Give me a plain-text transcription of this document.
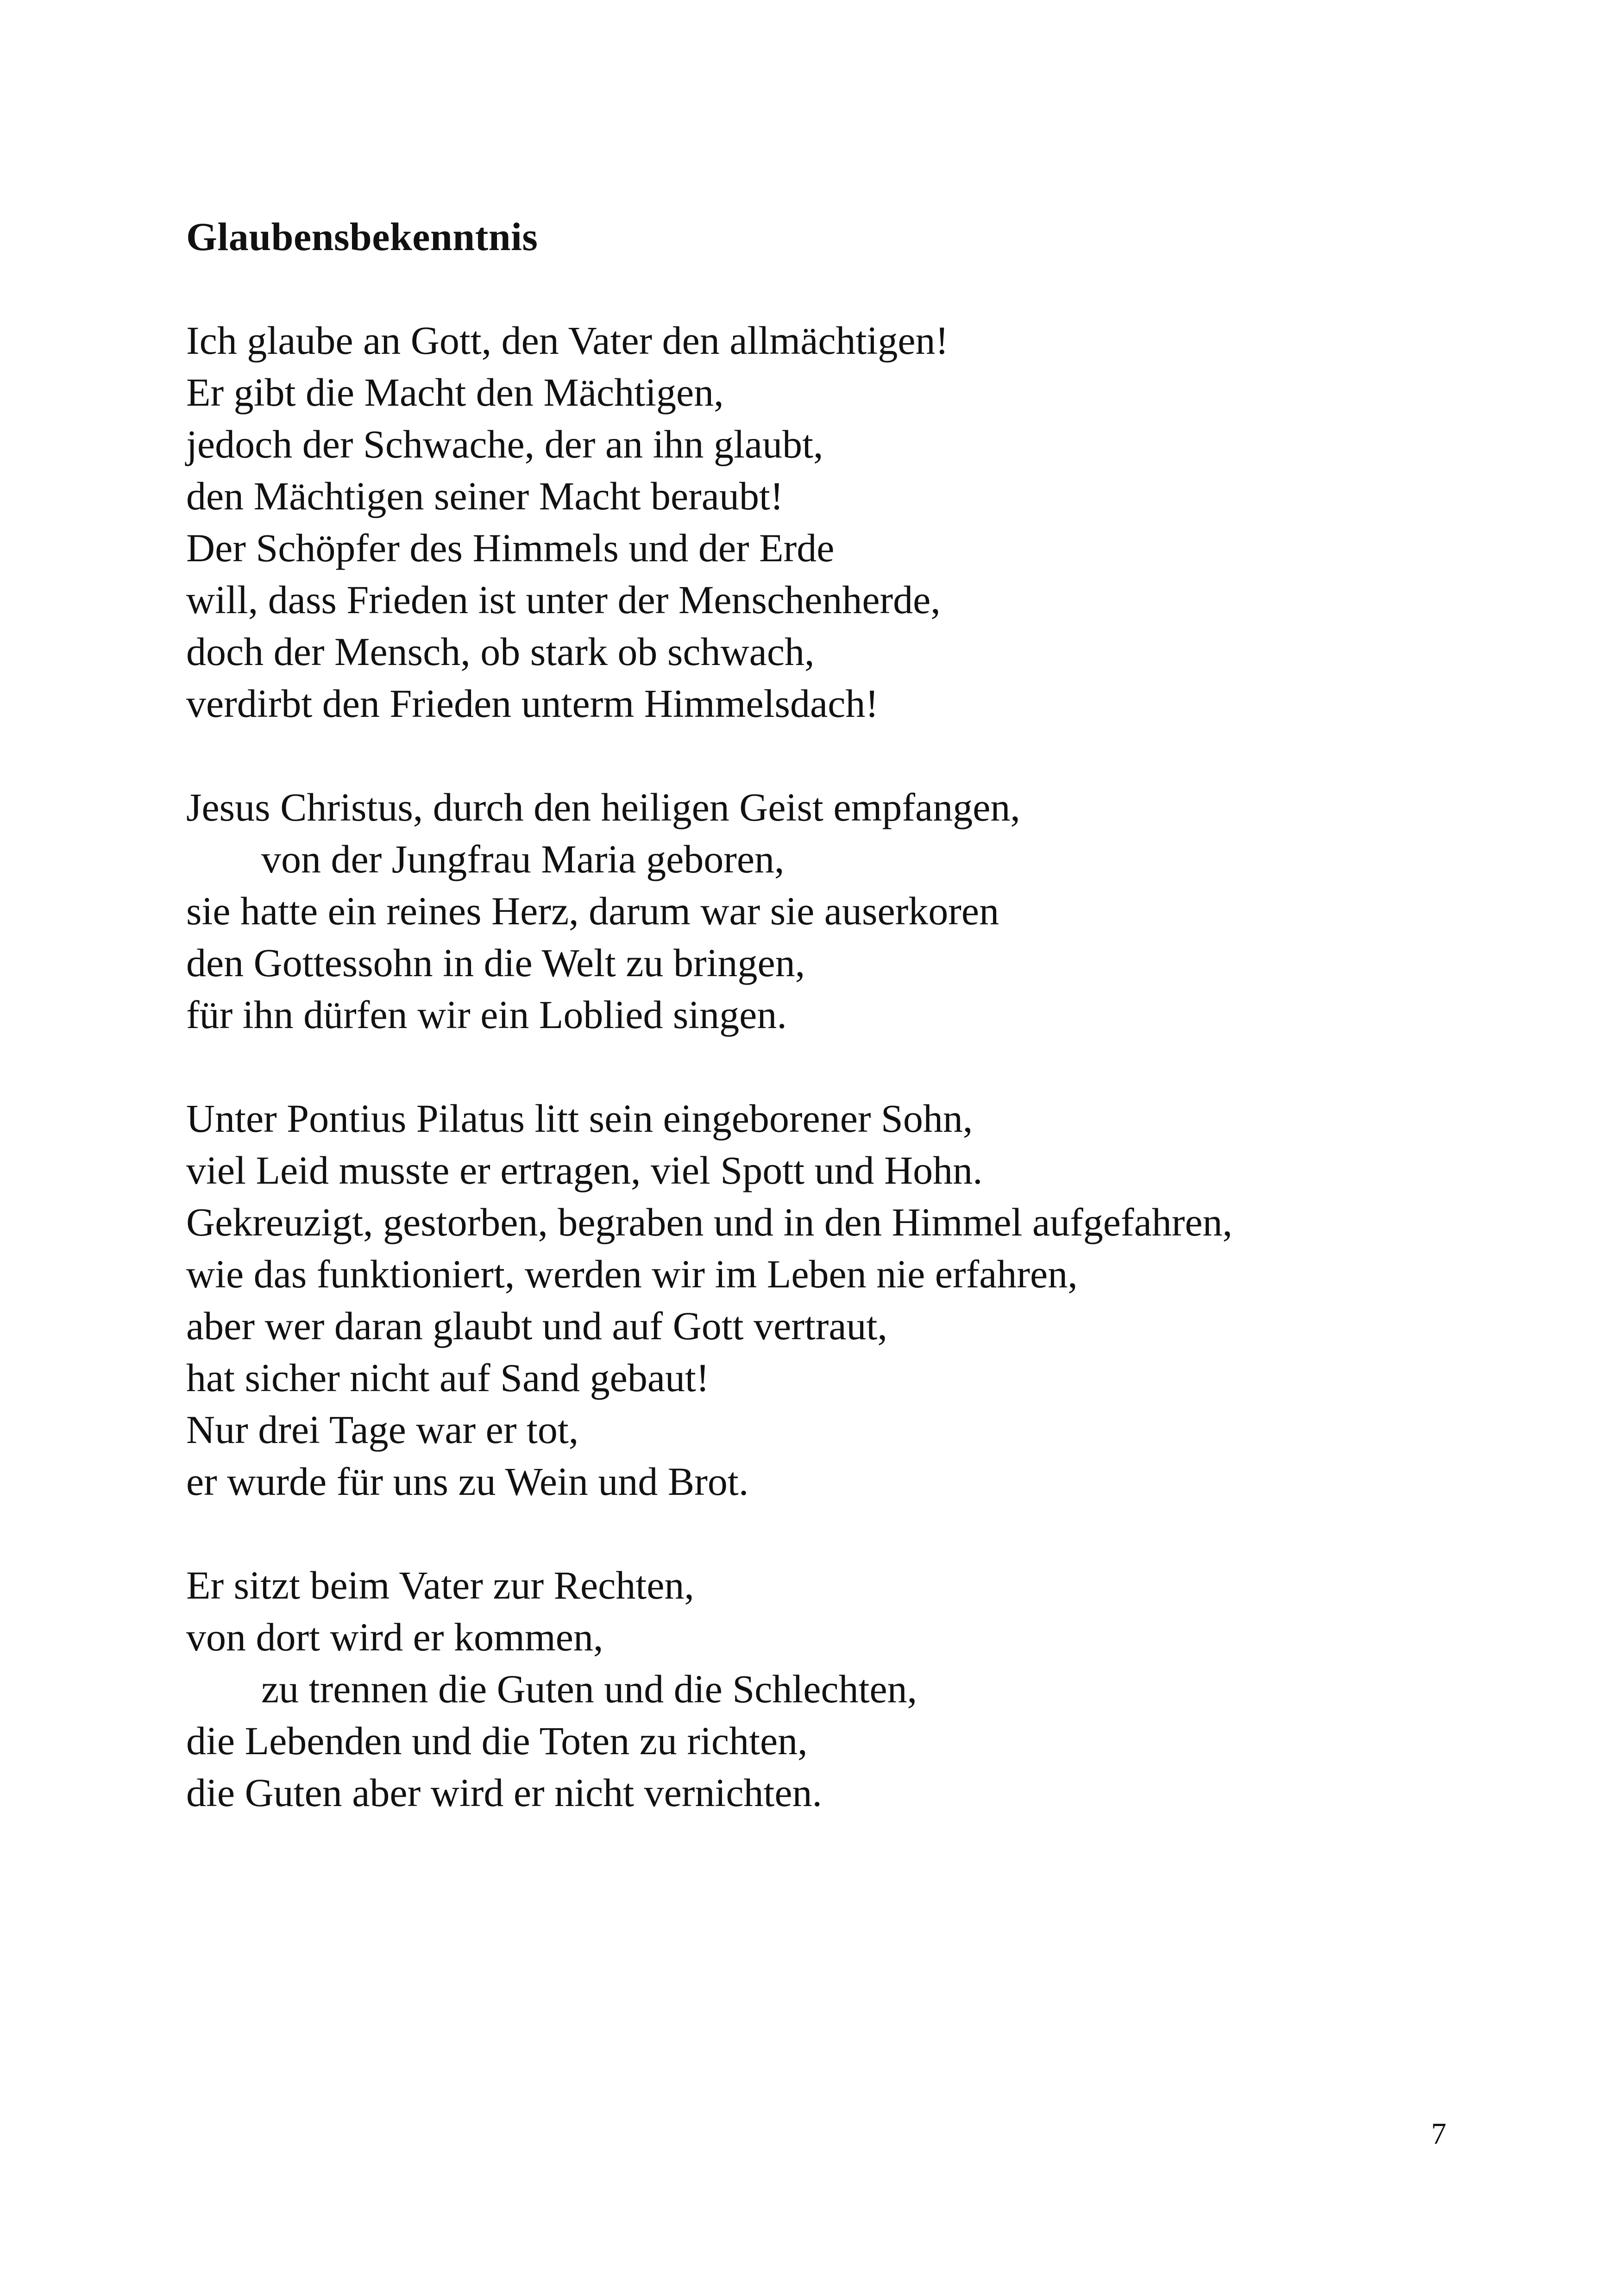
Glaubensbekenntnis
Ich glaube an Gott, den Vater den allmächtigen!
Er gibt die Macht den Mächtigen,
jedoch der Schwache, der an ihn glaubt,
den Mächtigen seiner Macht beraubt!
Der Schöpfer des Himmels und der Erde
will, dass Frieden ist unter der Menschenherde,
doch der Mensch, ob stark ob schwach,
verdirbt den Frieden unterm Himmelsdach!
Jesus Christus, durch den heiligen Geist empfangen,
von der Jungfrau Maria geboren,
sie hatte ein reines Herz, darum war sie auserkoren
den Gottessohn in die Welt zu bringen,
für ihn dürfen wir ein Loblied singen.
Unter Pontius Pilatus litt sein eingeborener Sohn,
viel Leid musste er ertragen, viel Spott und Hohn.
Gekreuzigt, gestorben, begraben und in den Himmel aufgefahren,
wie das funktioniert, werden wir im Leben nie erfahren,
aber wer daran glaubt und auf Gott vertraut,
hat sicher nicht auf Sand gebaut!
Nur drei Tage war er tot,
er wurde für uns zu Wein und Brot.
Er sitzt beim Vater zur Rechten,
von dort wird er kommen,
zu trennen die Guten und die Schlechten,
die Lebenden und die Toten zu richten,
die Guten aber wird er nicht vernichten.
7
